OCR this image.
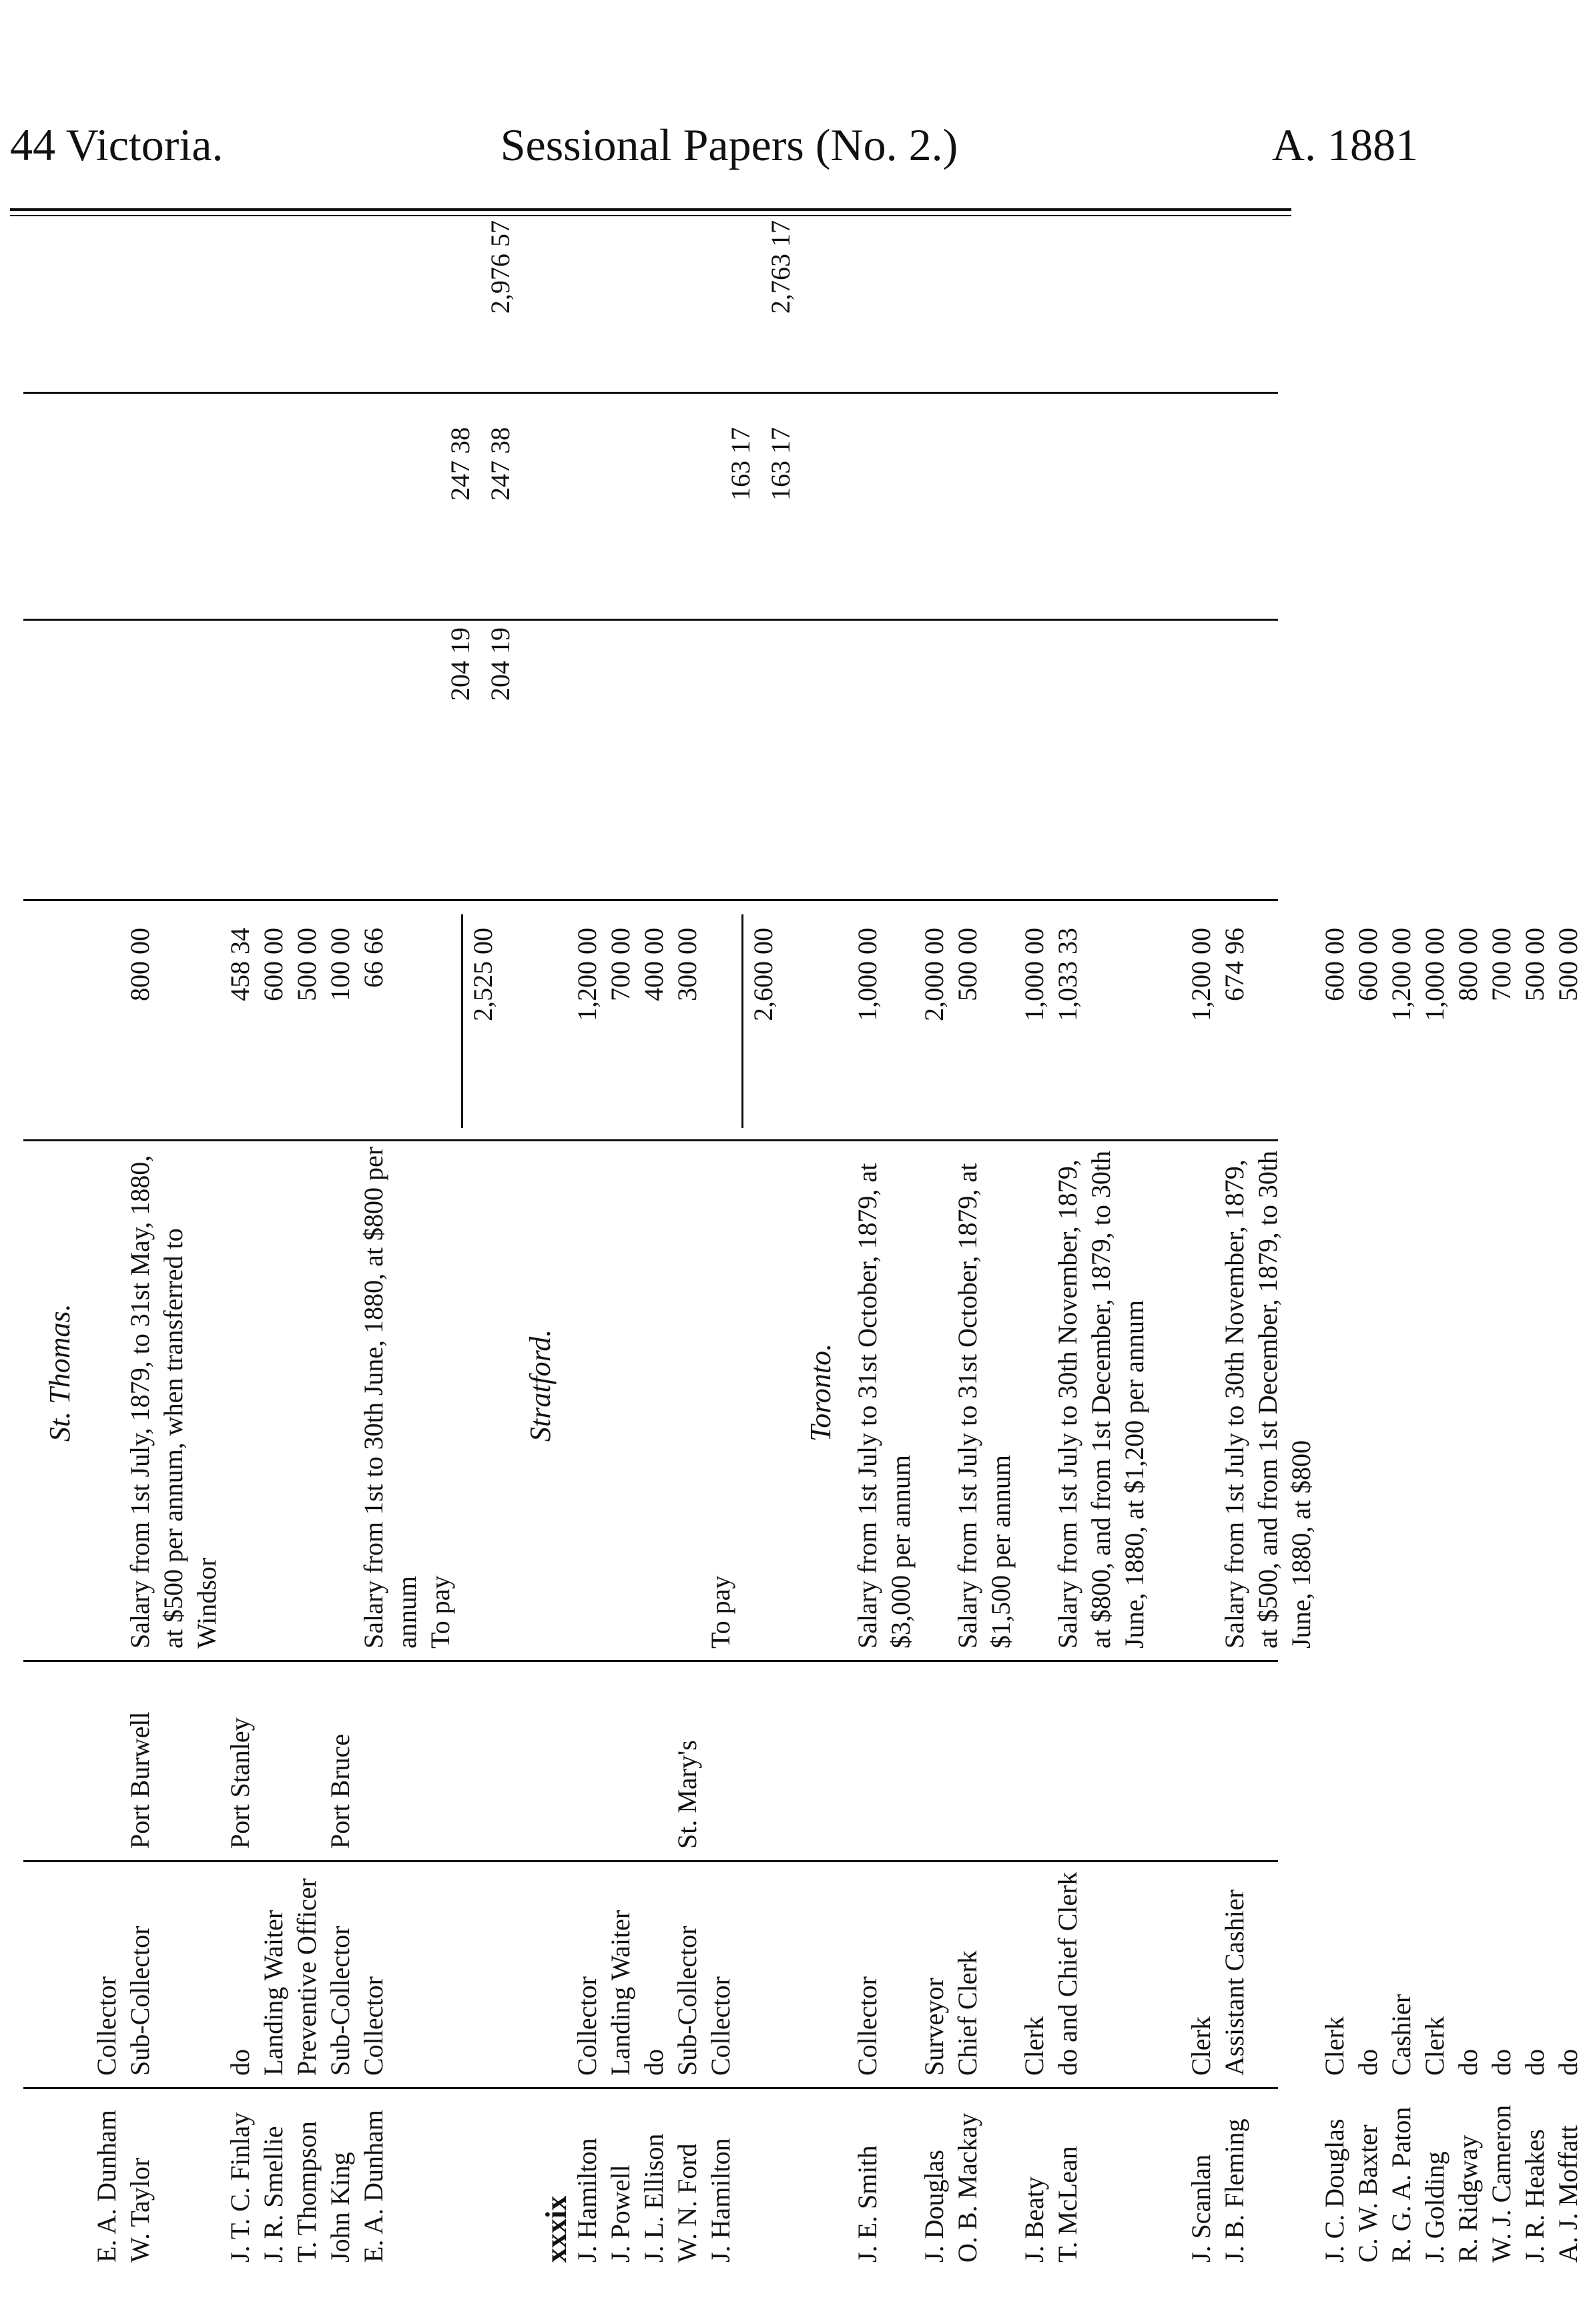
44 Victoria.	Sessional Papers (No. 2.)	A. 1881
St. Thomas.
E. A. Dunham
Collector
W. Taylor
Sub-Collector
Port Burwell
Salary from 1st July, 1879, to 31st May, 1880, at $500 per annum, when transferred to Windsor
800 00
J. T. C. Finlay
do
Port Stanley
458 34
J. R. Smellie
Landing Waiter
600 00
T. Thompson
Preventive Officer
500 00
John King
Sub-Collector
Port Bruce
100 00
E. A. Dunham
Collector
Salary from 1st to 30th June, 1880, at $800 per annum
66 66
To pay
2,525 00
204 19
247 38
204 19
247 38
2,976 57
Stratford.
J. Hamilton
Collector
1,200 00
J. Powell
Landing Waiter
700 00
J. L. Ellison
do
400 00
W. N. Ford
Sub-Collector
St. Mary's
300 00
J. Hamilton
Collector
To pay
2,600 00
163 17 163 17
2,763 17
Toronto.
J. E. Smith
Collector
Salary from 1st July to 31st October, 1879, at $3,000 per annum
1,000 00
J. Douglas
Surveyor
2,000 00
O. B. Mackay
Chief Clerk
Salary from 1st July to 31st October, 1879, at $1,500 per annum
500 00
J. Beaty
Clerk
1,000 00
T. McLean
do and Chief Clerk
Salary from 1st July to 30th November, 1879, at $800, and from 1st December, 1879, to 30th June, 1880, at $1,200 per annum
1,033 33
J. Scanlan
Clerk
1,200 00
J. B. Fleming
Assistant Cashier
Salary from 1st July to 30th November, 1879, at $500, and from 1st December, 1879, to 30th June, 1880, at $800
674 96
J. C. Douglas
Clerk
600 00
C. W. Baxter
do
600 00
R. G. A. Paton
Cashier
1,200 00
J. Golding
Clerk
1,000 00
R. Ridgway
do
800 00
W. J. Cameron
do
700 00
J. R. Heakes
do
500 00
A. J. Moffatt
do
500 00
xxxix
